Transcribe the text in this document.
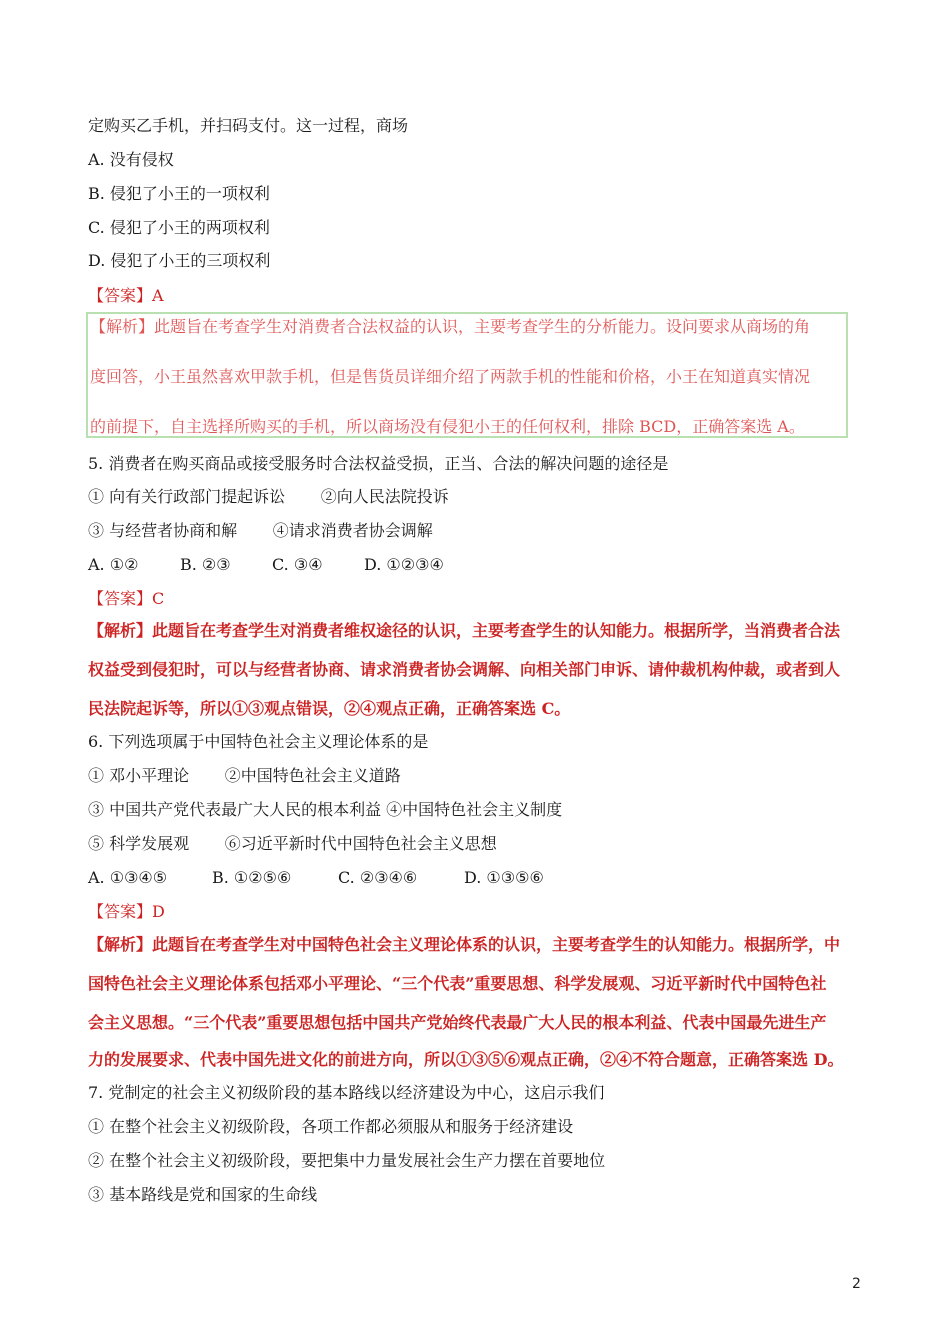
定购买乙手机，并扫码支付。这一过程，商场
A. 没有侵权
B. 侵犯了小王的一项权利
C. 侵犯了小王的两项权利
D. 侵犯了小王的三项权利
【答案】A
【解析】此题旨在考查学生对消费者合法权益的认识，主要考查学生的分析能力。设问要求从商场的角
度回答，小王虽然喜欢甲款手机，但是售货员详细介绍了两款手机的性能和价格，小王在知道真实情况
的前提下，自主选择所购买的手机，所以商场没有侵犯小王的任何权利，排除 BCD，正确答案选 A。
5. 消费者在购买商品或接受服务时合法权益受损，正当、合法的解决问题的途径是
① 向有关行政部门提起诉讼       ②向人民法院投诉
③ 与经营者协商和解       ④请求消费者协会调解
A. ①②	B. ②③	C. ③④	D. ①②③④
【答案】C
【解析】此题旨在考查学生对消费者维权途径的认识，主要考查学生的认知能力。根据所学，当消费者合法
权益受到侵犯时，可以与经营者协商、请求消费者协会调解、向相关部门申诉、请仲裁机构仲裁，或者到人
民法院起诉等，所以①③观点错误，②④观点正确，正确答案选 C。
6. 下列选项属于中国特色社会主义理论体系的是
① 邓小平理论       ②中国特色社会主义道路
③ 中国共产党代表最广大人民的根本利益 ④中国特色社会主义制度
⑤ 科学发展观       ⑥习近平新时代中国特色社会主义思想
A. ①③④⑤	B. ①②⑤⑥	C. ②③④⑥	D. ①③⑤⑥
【答案】D
【解析】此题旨在考查学生对中国特色社会主义理论体系的认识，主要考查学生的认知能力。根据所学，中
国特色社会主义理论体系包括邓小平理论、“三个代表”重要思想、科学发展观、习近平新时代中国特色社
会主义思想。“三个代表”重要思想包括中国共产党始终代表最广大人民的根本利益、代表中国最先进生产
力的发展要求、代表中国先进文化的前进方向，所以①③⑤⑥观点正确，②④不符合题意，正确答案选 D。
7. 党制定的社会主义初级阶段的基本路线以经济建设为中心，这启示我们
① 在整个社会主义初级阶段，各项工作都必须服从和服务于经济建设
② 在整个社会主义初级阶段，要把集中力量发展社会生产力摆在首要地位
③ 基本路线是党和国家的生命线
2
